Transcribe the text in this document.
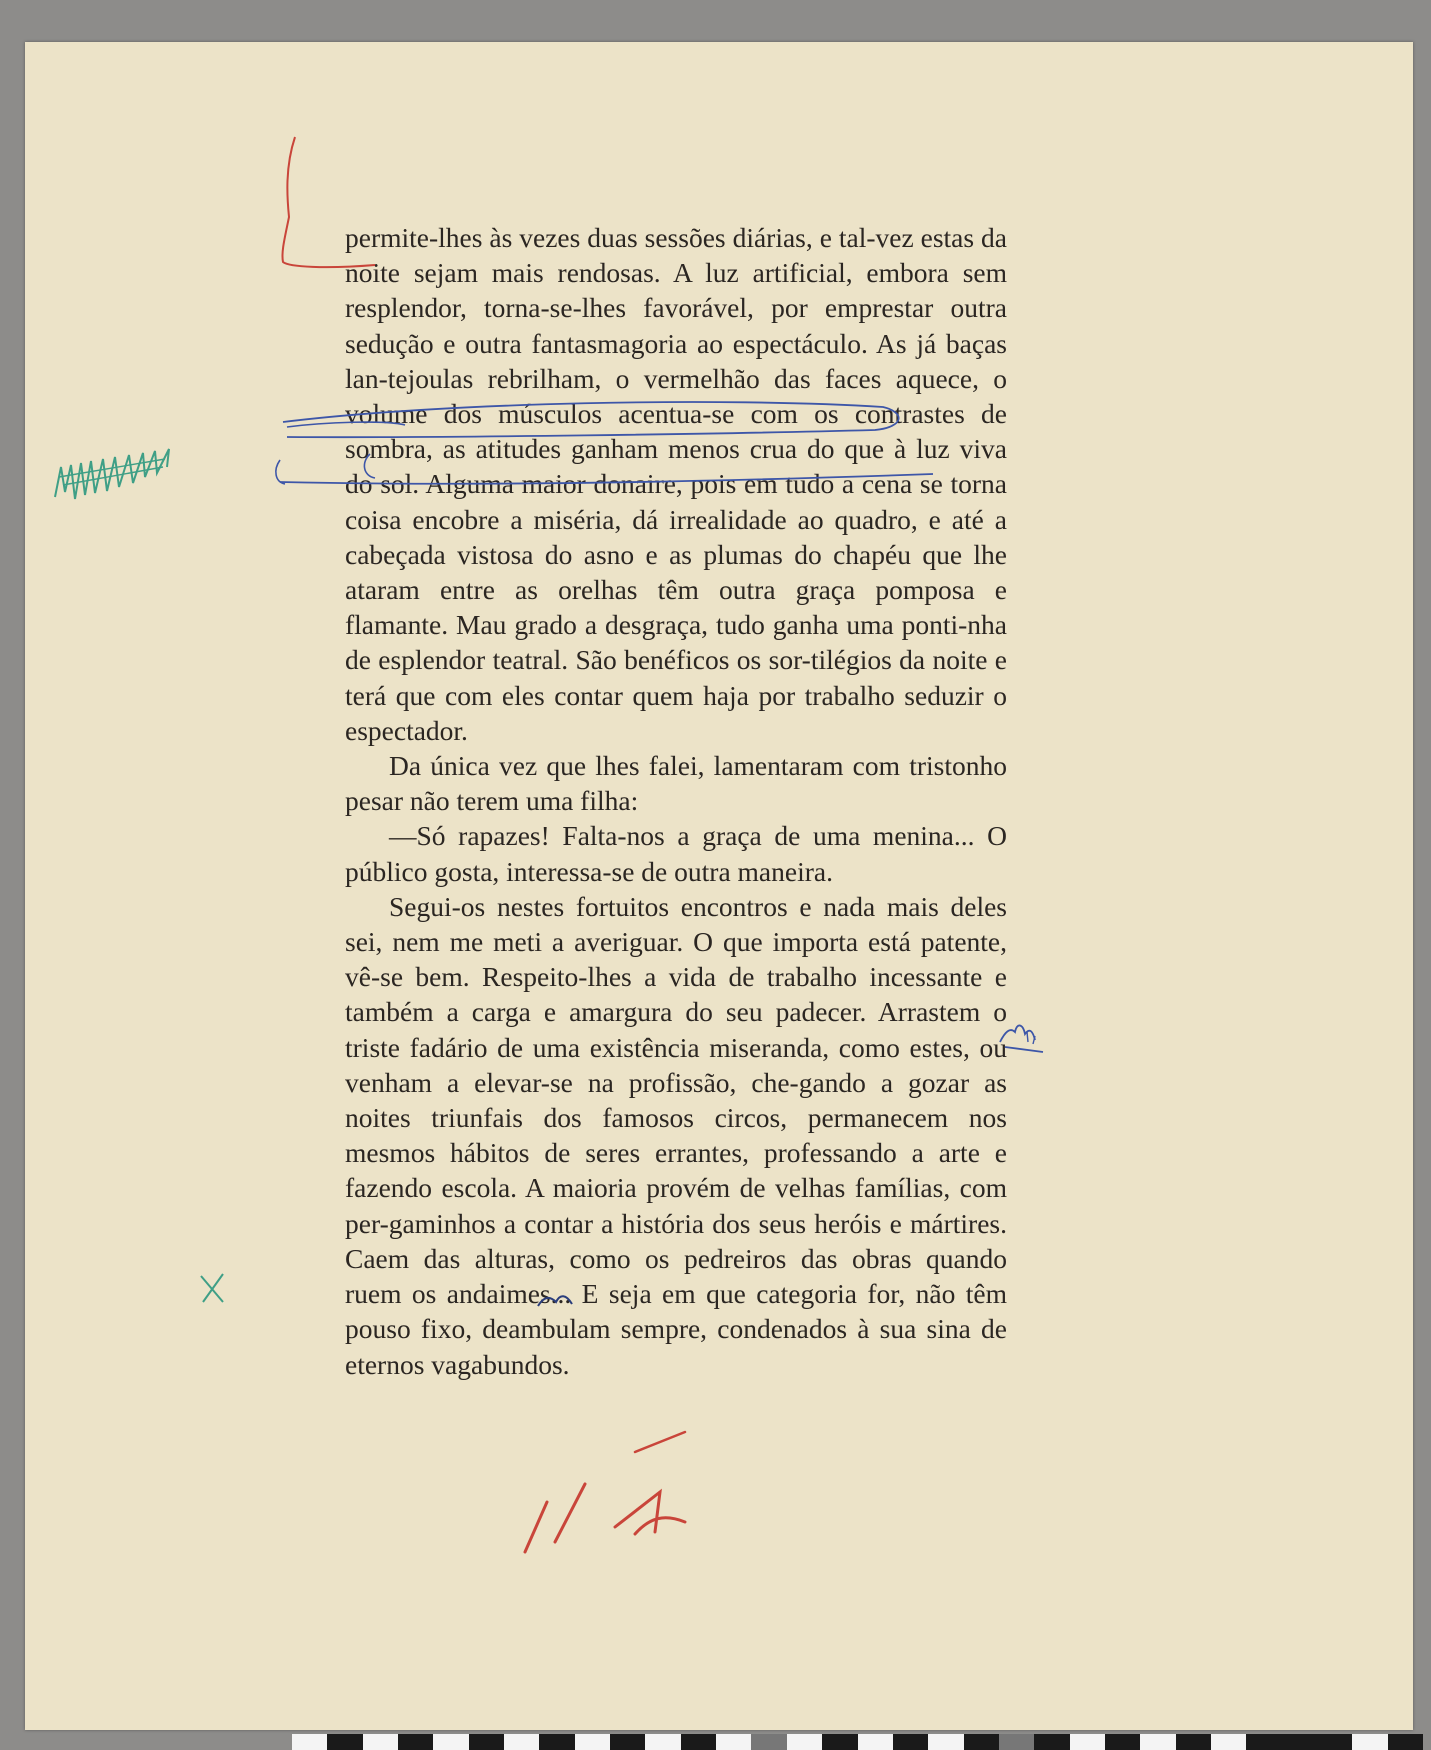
permite-lhes às vezes duas sessões diárias, e tal-vez estas da noite sejam mais rendosas. A luz artificial, embora sem resplendor, torna-se-lhes favorável, por emprestar outra sedução e outra fantasmagoria ao espectáculo. As já baças lan-tejoulas rebrilham, o vermelhão das faces aquece, o volume dos músculos acentua-se com os contrastes de sombra, as atitudes ganham menos crua do que à luz viva do sol. Alguma maior donaire, pois em tudo a cena se torna coisa encobre a miséria, dá irrealidade ao quadro, e até a cabeçada vistosa do asno e as plumas do chapéu que lhe ataram entre as orelhas têm outra graça pomposa e flamante. Mau grado a desgraça, tudo ganha uma ponti-nha de esplendor teatral. São benéficos os sor-tilégios da noite e terá que com eles contar quem haja por trabalho seduzir o espectador.

Da única vez que lhes falei, lamentaram com tristonho pesar não terem uma filha:

—Só rapazes! Falta-nos a graça de uma menina... O público gosta, interessa-se de outra maneira.

Segui-os nestes fortuitos encontros e nada mais deles sei, nem me meti a averiguar. O que importa está patente, vê-se bem. Respeito-lhes a vida de trabalho incessante e também a carga e amargura do seu padecer. Arrastem o triste fadário de uma existência miseranda, como estes, ou venham a elevar-se na profissão, che-gando a gozar as noites triunfais dos famosos circos, permanecem nos mesmos hábitos de seres errantes, professando a arte e fazendo escola. A maioria provém de velhas famílias, com per-gaminhos a contar a história dos seus heróis e mártires. Caem das alturas, como os pedreiros das obras quando ruem os andaimes... E seja em que categoria for, não têm pouso fixo, deambulam sempre, condenados à sua sina de eternos vagabundos.
